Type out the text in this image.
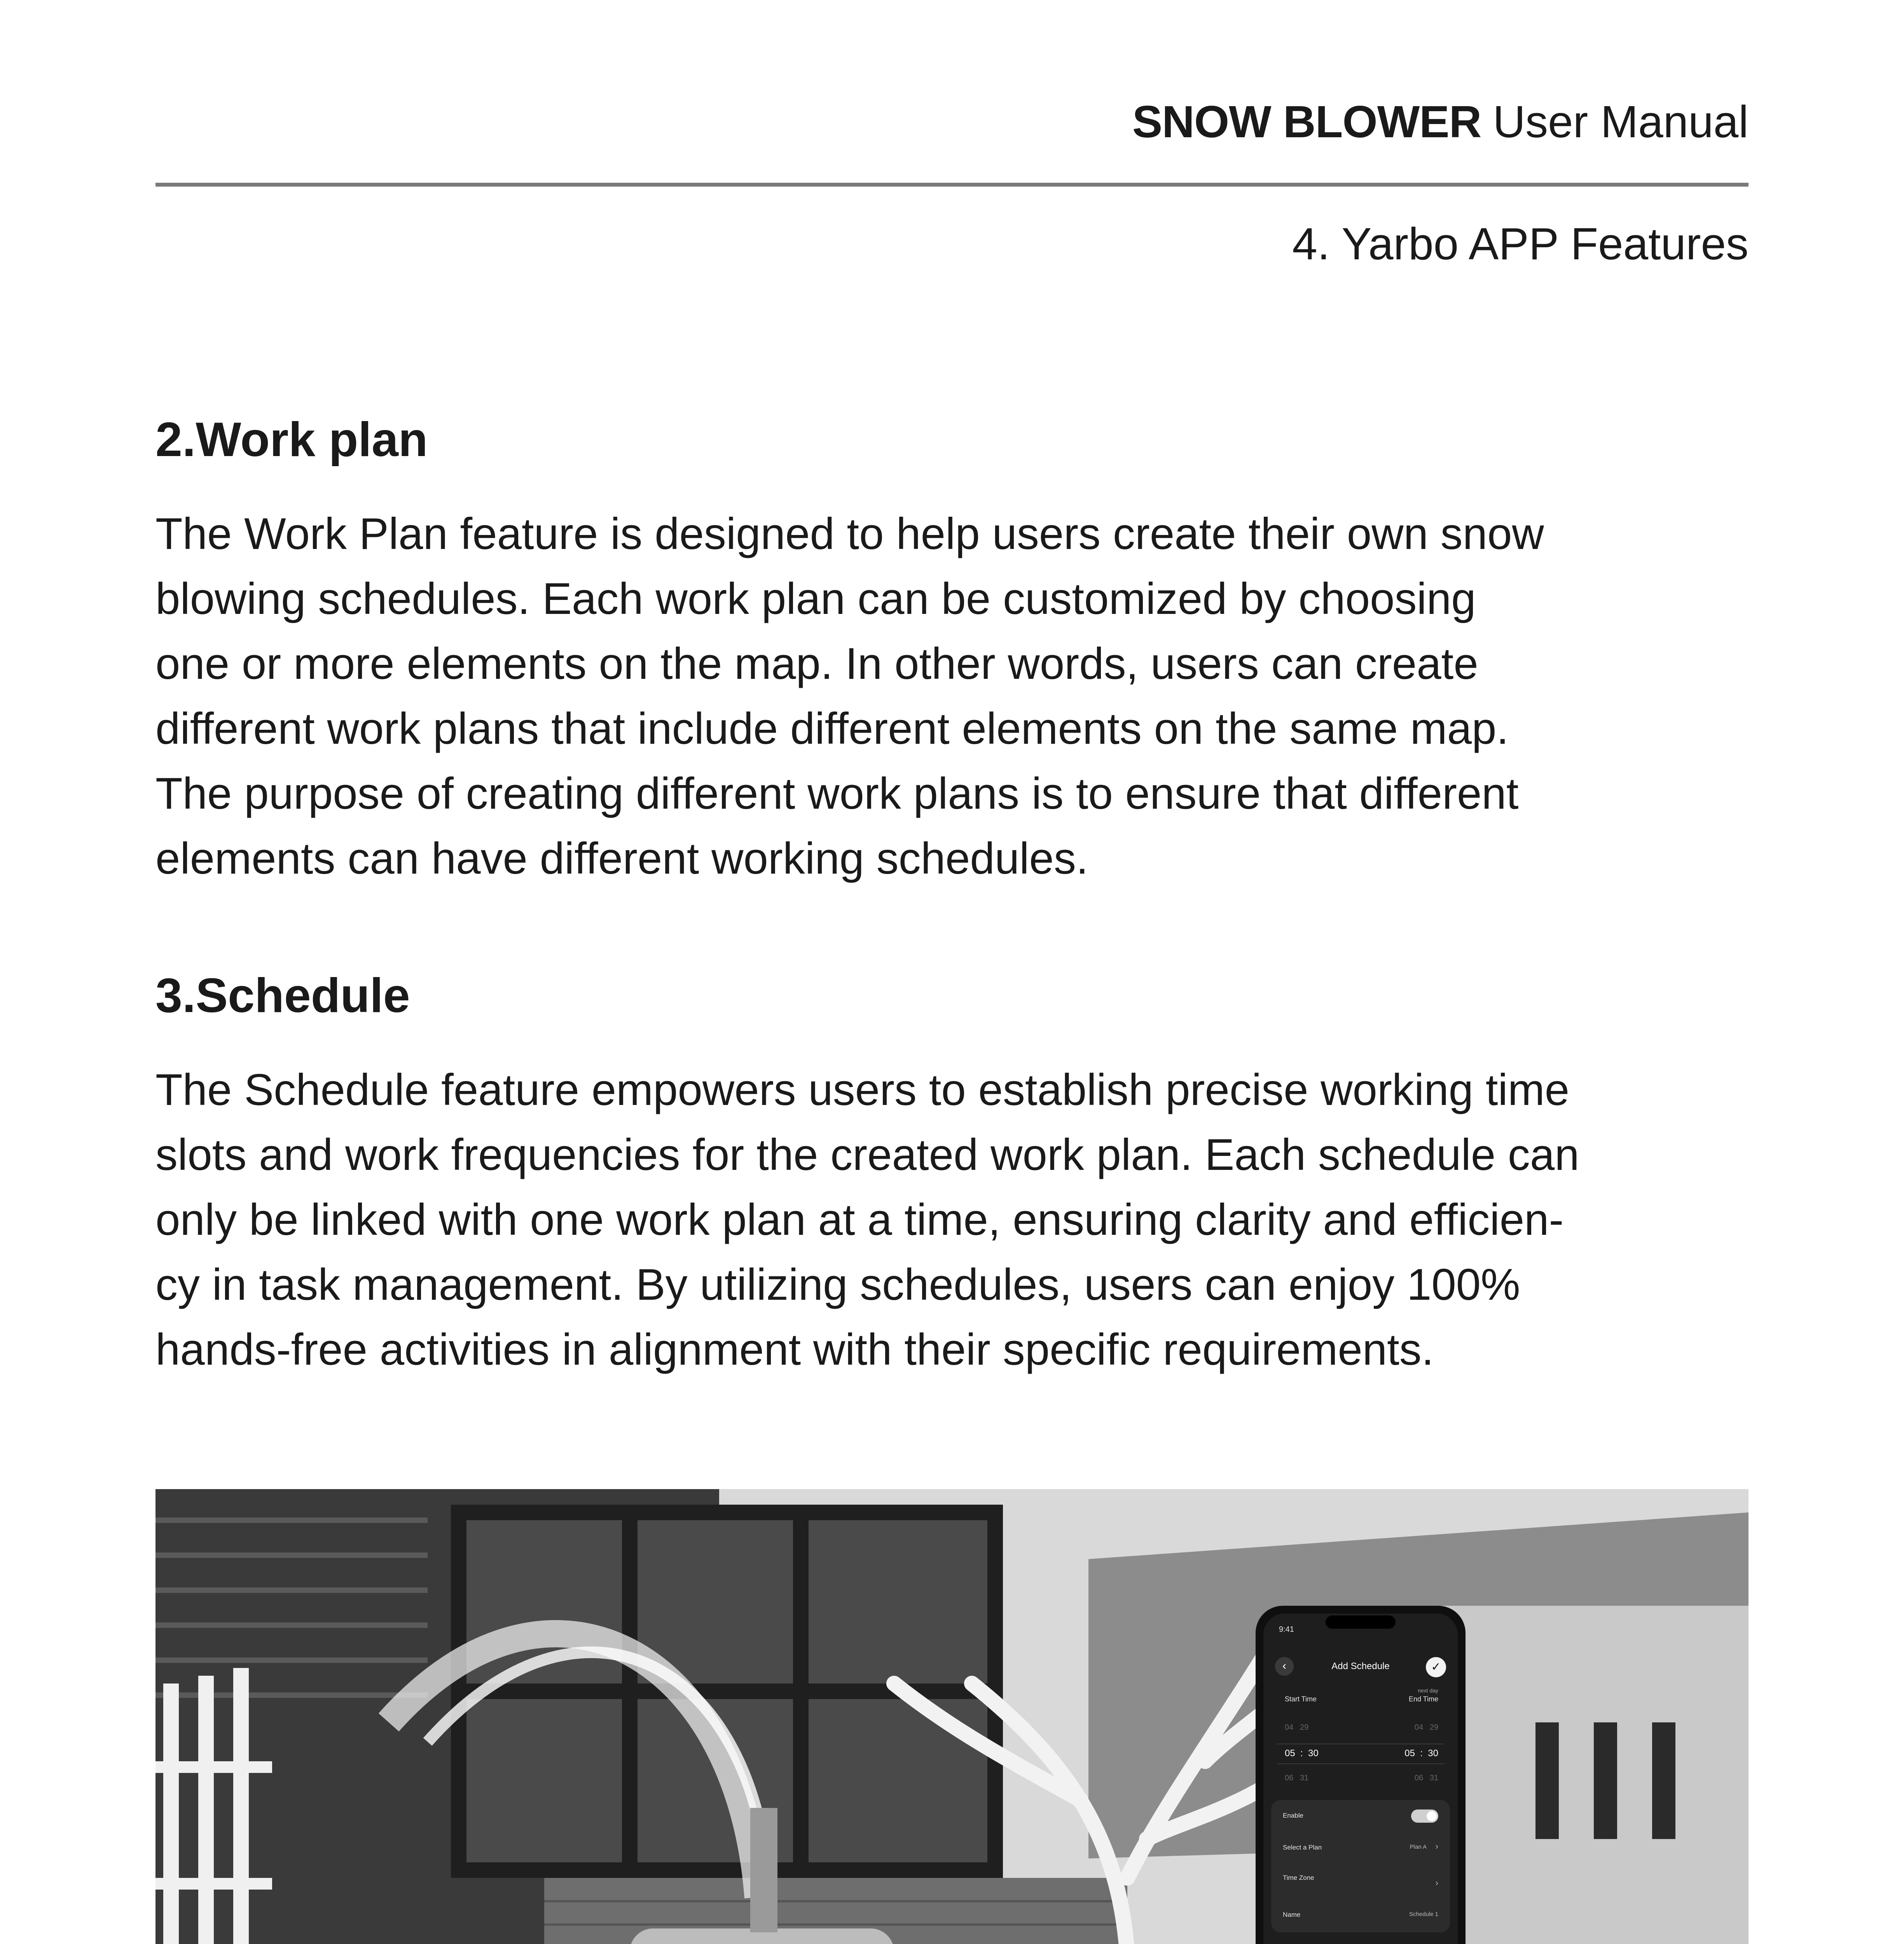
SNOW BLOWER User Manual
4. Yarbo APP Features
2.Work plan
The Work Plan feature is designed to help users create their own snow
blowing schedules. Each work plan can be customized by choosing
one or more elements on the map. In other words, users can create
different work plans that include different elements on the same map.
The purpose of creating different work plans is to ensure that different
elements can have different working schedules.
3.Schedule
The Schedule feature empowers users to establish precise working time
slots and work frequencies for the created work plan. Each schedule can
only be linked with one work plan at a time, ensuring clarity and efficien-
cy in task management. By utilizing schedules, users can enjoy 100%
hands-free activities in alignment with their specific requirements.
9:41
‹	Add Schedule	✓
next day
Start Time	End Time
04   29	04   29
05  :  30	05  :  30
06   31	06   31
Enable
Select a Plan	Plan A ›
Time Zone
›
Name	Schedule 1
